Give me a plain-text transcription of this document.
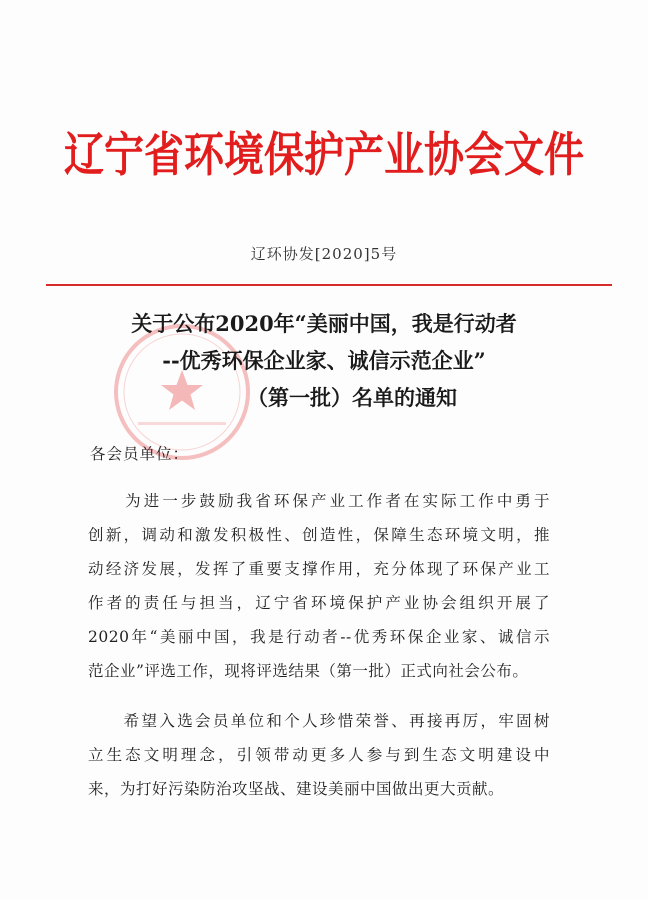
辽宁省环境保护产业协会文件
辽环协发[2020]5号
关于公布2020年“美丽中国，我是行动者
--优秀环保企业家、诚信示范企业”
（第一批）名单的通知
各会员单位：
　　为进一步鼓励我省环保产业工作者在实际工作中勇于
创新，调动和激发积极性、创造性，保障生态环境文明，推
动经济发展，发挥了重要支撑作用，充分体现了环保产业工
作者的责任与担当，辽宁省环境保护产业协会组织开展了
2020年“美丽中国，我是行动者--优秀环保企业家、诚信示
范企业”评选工作，现将评选结果（第一批）正式向社会公布。
　　希望入选会员单位和个人珍惜荣誉、再接再厉，牢固树
立生态文明理念，引领带动更多人参与到生态文明建设中
来，为打好污染防治攻坚战、建设美丽中国做出更大贡献。
